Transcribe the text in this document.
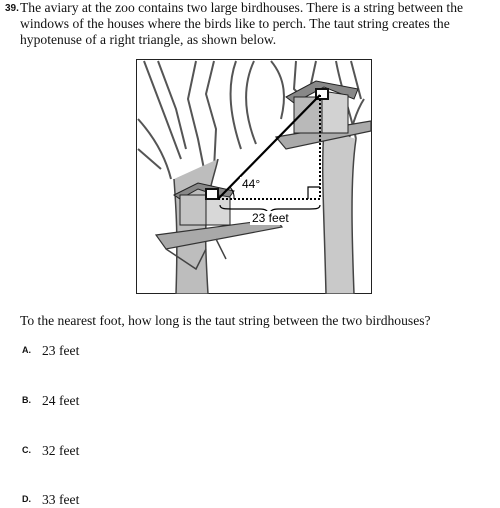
39. The aviary at the zoo contains two large birdhouses. There is a string between the windows of the houses where the birds like to perch. The taut string creates the hypotenuse of a right triangle, as shown below.

44°
23 feet

To the nearest foot, how long is the taut string between the two birdhouses?

A. 23 feet
B. 24 feet
C. 32 feet
D. 33 feet
